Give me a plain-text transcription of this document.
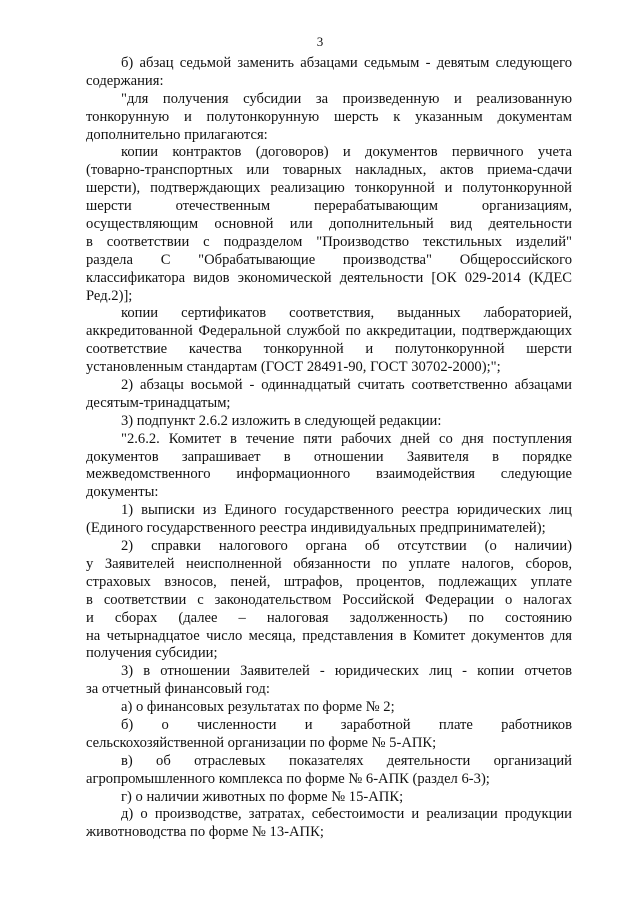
3
б) абзац седьмой заменить абзацами седьмым - девятым следующего
содержания:
"для получения субсидии за произведенную и реализованную
тонкорунную и полутонкорунную шерсть к указанным документам
дополнительно прилагаются:
копии контрактов (договоров) и документов первичного учета
(товарно-транспортных или товарных накладных, актов приема-сдачи
шерсти), подтверждающих реализацию тонкорунной и полутонкорунной
шерсти отечественным перерабатывающим организациям,
осуществляющим основной или дополнительный вид деятельности
в соответствии с подразделом "Производство текстильных изделий"
раздела С "Обрабатывающие производства" Общероссийского
классификатора видов экономической деятельности [ОК 029-2014 (КДЕС
Ред.2)];
копии сертификатов соответствия, выданных лабораторией,
аккредитованной Федеральной службой по аккредитации, подтверждающих
соответствие качества тонкорунной и полутонкорунной шерсти
установленным стандартам (ГОСТ 28491-90, ГОСТ 30702-2000);";
2) абзацы восьмой - одиннадцатый считать соответственно абзацами
десятым-тринадцатым;
3) подпункт 2.6.2 изложить в следующей редакции:
"2.6.2. Комитет в течение пяти рабочих дней со дня поступления
документов запрашивает в отношении Заявителя в порядке
межведомственного информационного взаимодействия следующие
документы:
1) выписки из Единого государственного реестра юридических лиц
(Единого государственного реестра индивидуальных предпринимателей);
2) справки налогового органа об отсутствии (о наличии)
у Заявителей неисполненной обязанности по уплате налогов, сборов,
страховых взносов, пеней, штрафов, процентов, подлежащих уплате
в соответствии с законодательством Российской Федерации о налогах
и сборах (далее – налоговая задолженность) по состоянию
на четырнадцатое число месяца, представления в Комитет документов для
получения субсидии;
3) в отношении Заявителей - юридических лиц - копии отчетов
за отчетный финансовый год:
а) о финансовых результатах по форме № 2;
б) о численности и заработной плате работников
сельскохозяйственной организации по форме № 5-АПК;
в) об отраслевых показателях деятельности организаций
агропромышленного комплекса по форме № 6-АПК (раздел 6-3);
г) о наличии животных по форме № 15-АПК;
д) о производстве, затратах, себестоимости и реализации продукции
животноводства по форме № 13-АПК;
